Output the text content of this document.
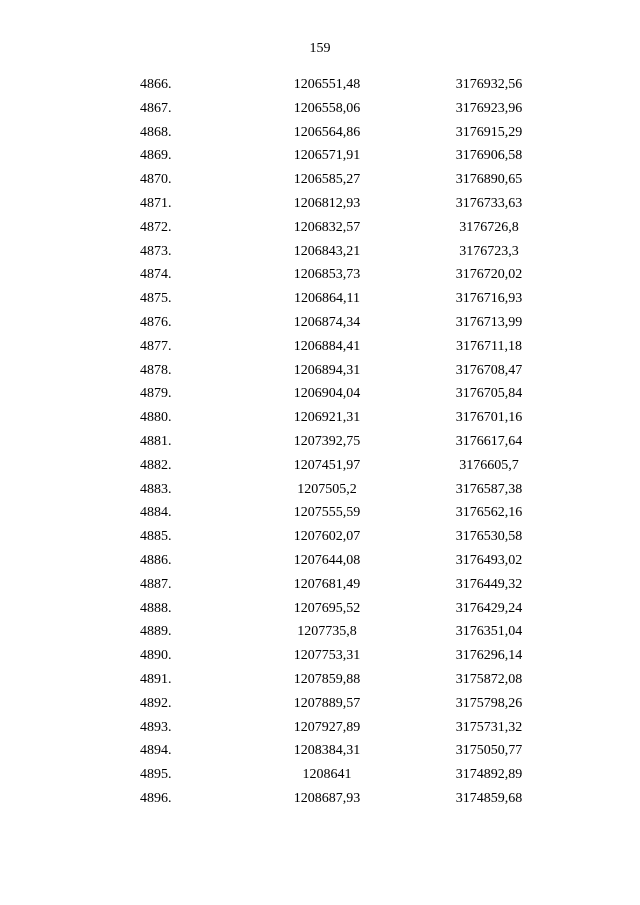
159
4866.	1206551,48	3176932,56
4867.	1206558,06	3176923,96
4868.	1206564,86	3176915,29
4869.	1206571,91	3176906,58
4870.	1206585,27	3176890,65
4871.	1206812,93	3176733,63
4872.	1206832,57	3176726,8
4873.	1206843,21	3176723,3
4874.	1206853,73	3176720,02
4875.	1206864,11	3176716,93
4876.	1206874,34	3176713,99
4877.	1206884,41	3176711,18
4878.	1206894,31	3176708,47
4879.	1206904,04	3176705,84
4880.	1206921,31	3176701,16
4881.	1207392,75	3176617,64
4882.	1207451,97	3176605,7
4883.	1207505,2	3176587,38
4884.	1207555,59	3176562,16
4885.	1207602,07	3176530,58
4886.	1207644,08	3176493,02
4887.	1207681,49	3176449,32
4888.	1207695,52	3176429,24
4889.	1207735,8	3176351,04
4890.	1207753,31	3176296,14
4891.	1207859,88	3175872,08
4892.	1207889,57	3175798,26
4893.	1207927,89	3175731,32
4894.	1208384,31	3175050,77
4895.	1208641	3174892,89
4896.	1208687,93	3174859,68
